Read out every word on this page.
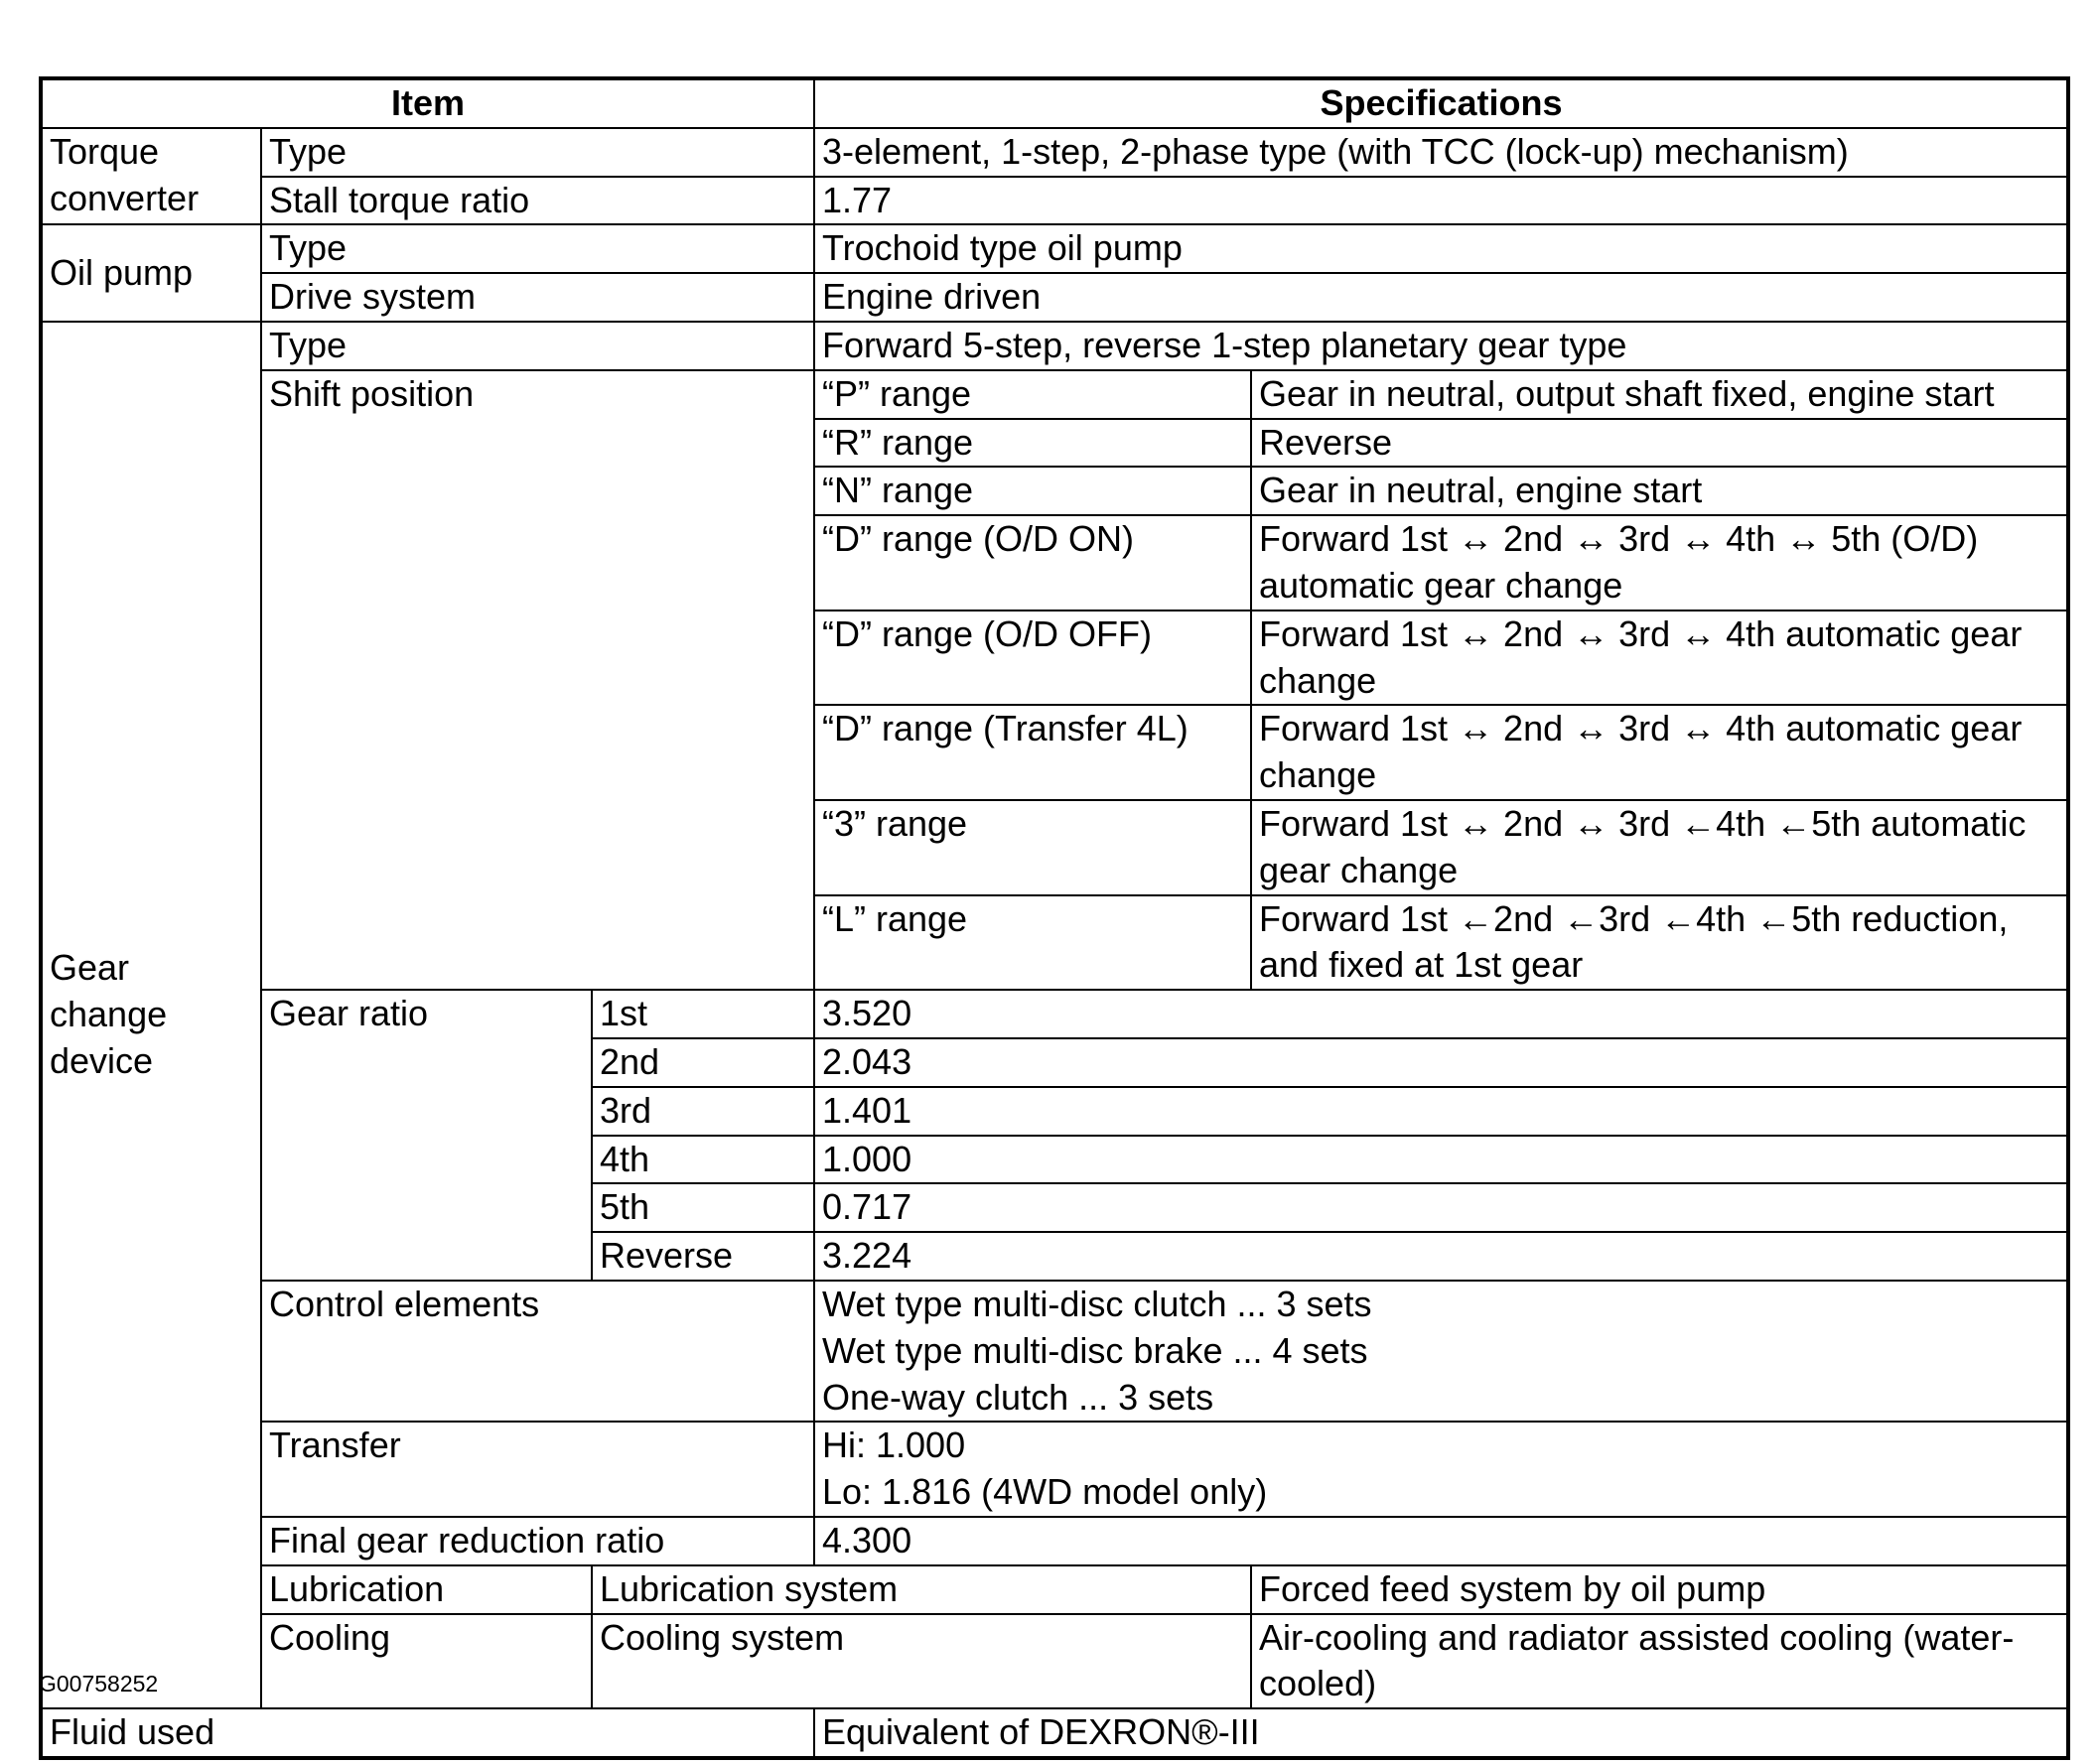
Item			Specifications	
Torque converter	Type		3-element, 1-step, 2-phase type (with TCC (lock-up) mechanism)	
	Stall torque ratio		1.77	
Oil pump	Type		Trochoid type oil pump	
	Drive system		Engine driven	
Gear change device	Type		Forward 5-step, reverse 1-step planetary gear type	
	Shift position		“P” range	Gear in neutral, output shaft fixed, engine start
			“R” range	Reverse
			“N” range	Gear in neutral, engine start
			“D” range (O/D ON)	Forward 1st ↔ 2nd ↔ 3rd ↔ 4th ↔ 5th (O/D) automatic gear change
			“D” range (O/D OFF)	Forward 1st ↔ 2nd ↔ 3rd ↔ 4th automatic gear change
			“D” range (Transfer 4L)	Forward 1st ↔ 2nd ↔ 3rd ↔ 4th automatic gear change
			“3” range	Forward 1st ↔ 2nd ↔ 3rd ←4th ←5th automatic gear change
			“L” range	Forward 1st ←2nd ←3rd ←4th ←5th reduction, and fixed at 1st gear
	Gear ratio	1st	3.520	
		2nd	2.043	
		3rd	1.401	
		4th	1.000	
		5th	0.717	
		Reverse	3.224	
	Control elements		Wet type multi-disc clutch ... 3 sets
Wet type multi-disc brake ... 4 sets
One-way clutch ... 3 sets	

	Transfer		Hi: 1.000
Lo: 1.816 (4WD model only)	

	Final gear reduction ratio		4.300	
	Lubrication	Lubrication system		Forced feed system by oil pump
	Cooling	Cooling system		Air-cooling and radiator assisted cooling (water-cooled)
Fluid used			Equivalent of DEXRON®-III	
G00758252
